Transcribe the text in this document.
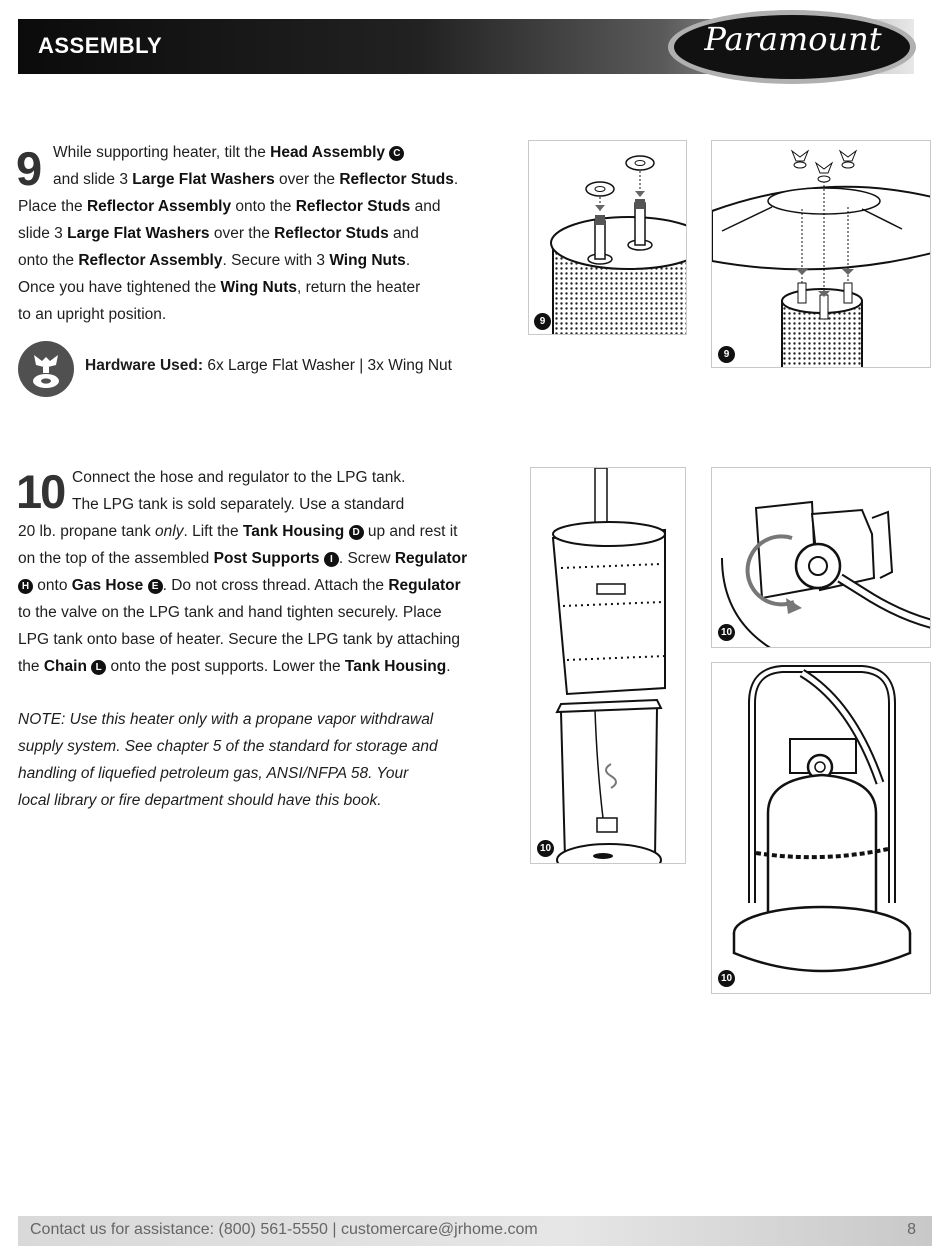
ASSEMBLY	Paramount
9 While supporting heater, tilt the Head Assembly C
and slide 3 Large Flat Washers over the Reflector Studs.
Place the Reflector Assembly onto the Reflector Studs and
slide 3 Large Flat Washers over the Reflector Studs and
onto the Reflector Assembly. Secure with 3 Wing Nuts.
Once you have tightened the Wing Nuts, return the heater
to an upright position.
Hardware Used: 6x Large Flat Washer | 3x Wing Nut
9
9
10 Connect the hose and regulator to the LPG tank.
The LPG tank is sold separately. Use a standard
20 lb. propane tank only. Lift the Tank Housing D up and rest it
on the top of the assembled Post Supports I . Screw Regulator
H onto Gas Hose E . Do not cross thread. Attach the Regulator
to the valve on the LPG tank and hand tighten securely. Place
LPG tank onto base of heater. Secure the LPG tank by attaching
the Chain L onto the post supports. Lower the Tank Housing.
NOTE: Use this heater only with a propane vapor withdrawal
supply system. See chapter 5 of the standard for storage and
handling of liquefied petroleum gas, ANSI/NFPA 58. Your
local library or fire department should have this book.
10
10
10
Contact us for assistance: (800) 561-5550 | customercare@jrhome.com	8
